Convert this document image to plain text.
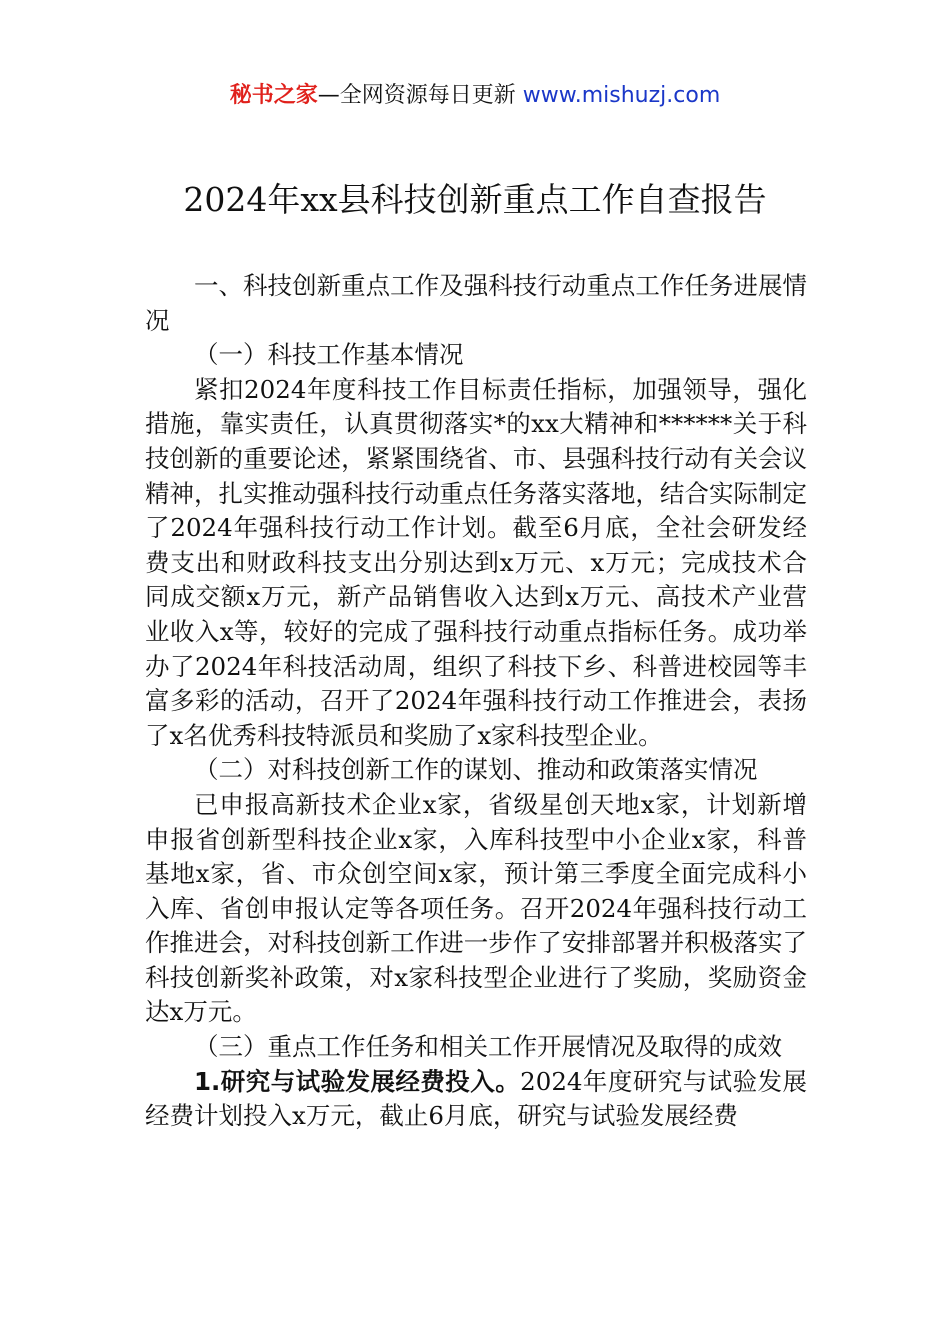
秘书之家—全网资源每日更新 www.mishuzj.com
2024年xx县科技创新重点工作自查报告

一、科技创新重点工作及强科技行动重点工作任务进展情况

（一）科技工作基本情况

紧扣2024年度科技工作目标责任指标，加强领导，强化措施，靠实责任，认真贯彻落实*的xx大精神和******关于科技创新的重要论述，紧紧围绕省、市、县强科技行动有关会议精神，扎实推动强科技行动重点任务落实落地，结合实际制定了2024年强科技行动工作计划。截至6月底，全社会研发经费支出和财政科技支出分别达到x万元、x万元；完成技术合同成交额x万元，新产品销售收入达到x万元、高技术产业营业收入x等，较好的完成了强科技行动重点指标任务。成功举办了2024年科技活动周，组织了科技下乡、科普进校园等丰富多彩的活动，召开了2024年强科技行动工作推进会，表扬了x名优秀科技特派员和奖励了x家科技型企业。

（二）对科技创新工作的谋划、推动和政策落实情况

已申报高新技术企业x家，省级星创天地x家，计划新增申报省创新型科技企业x家，入库科技型中小企业x家，科普基地x家，省、市众创空间x家，预计第三季度全面完成科小入库、省创申报认定等各项任务。召开2024年强科技行动工作推进会，对科技创新工作进一步作了安排部署并积极落实了科技创新奖补政策，对x家科技型企业进行了奖励，奖励资金达x万元。

（三）重点工作任务和相关工作开展情况及取得的成效

1.研究与试验发展经费投入。2024年度研究与试验发展经费计划投入x万元，截止6月底，研究与试验发展经费
